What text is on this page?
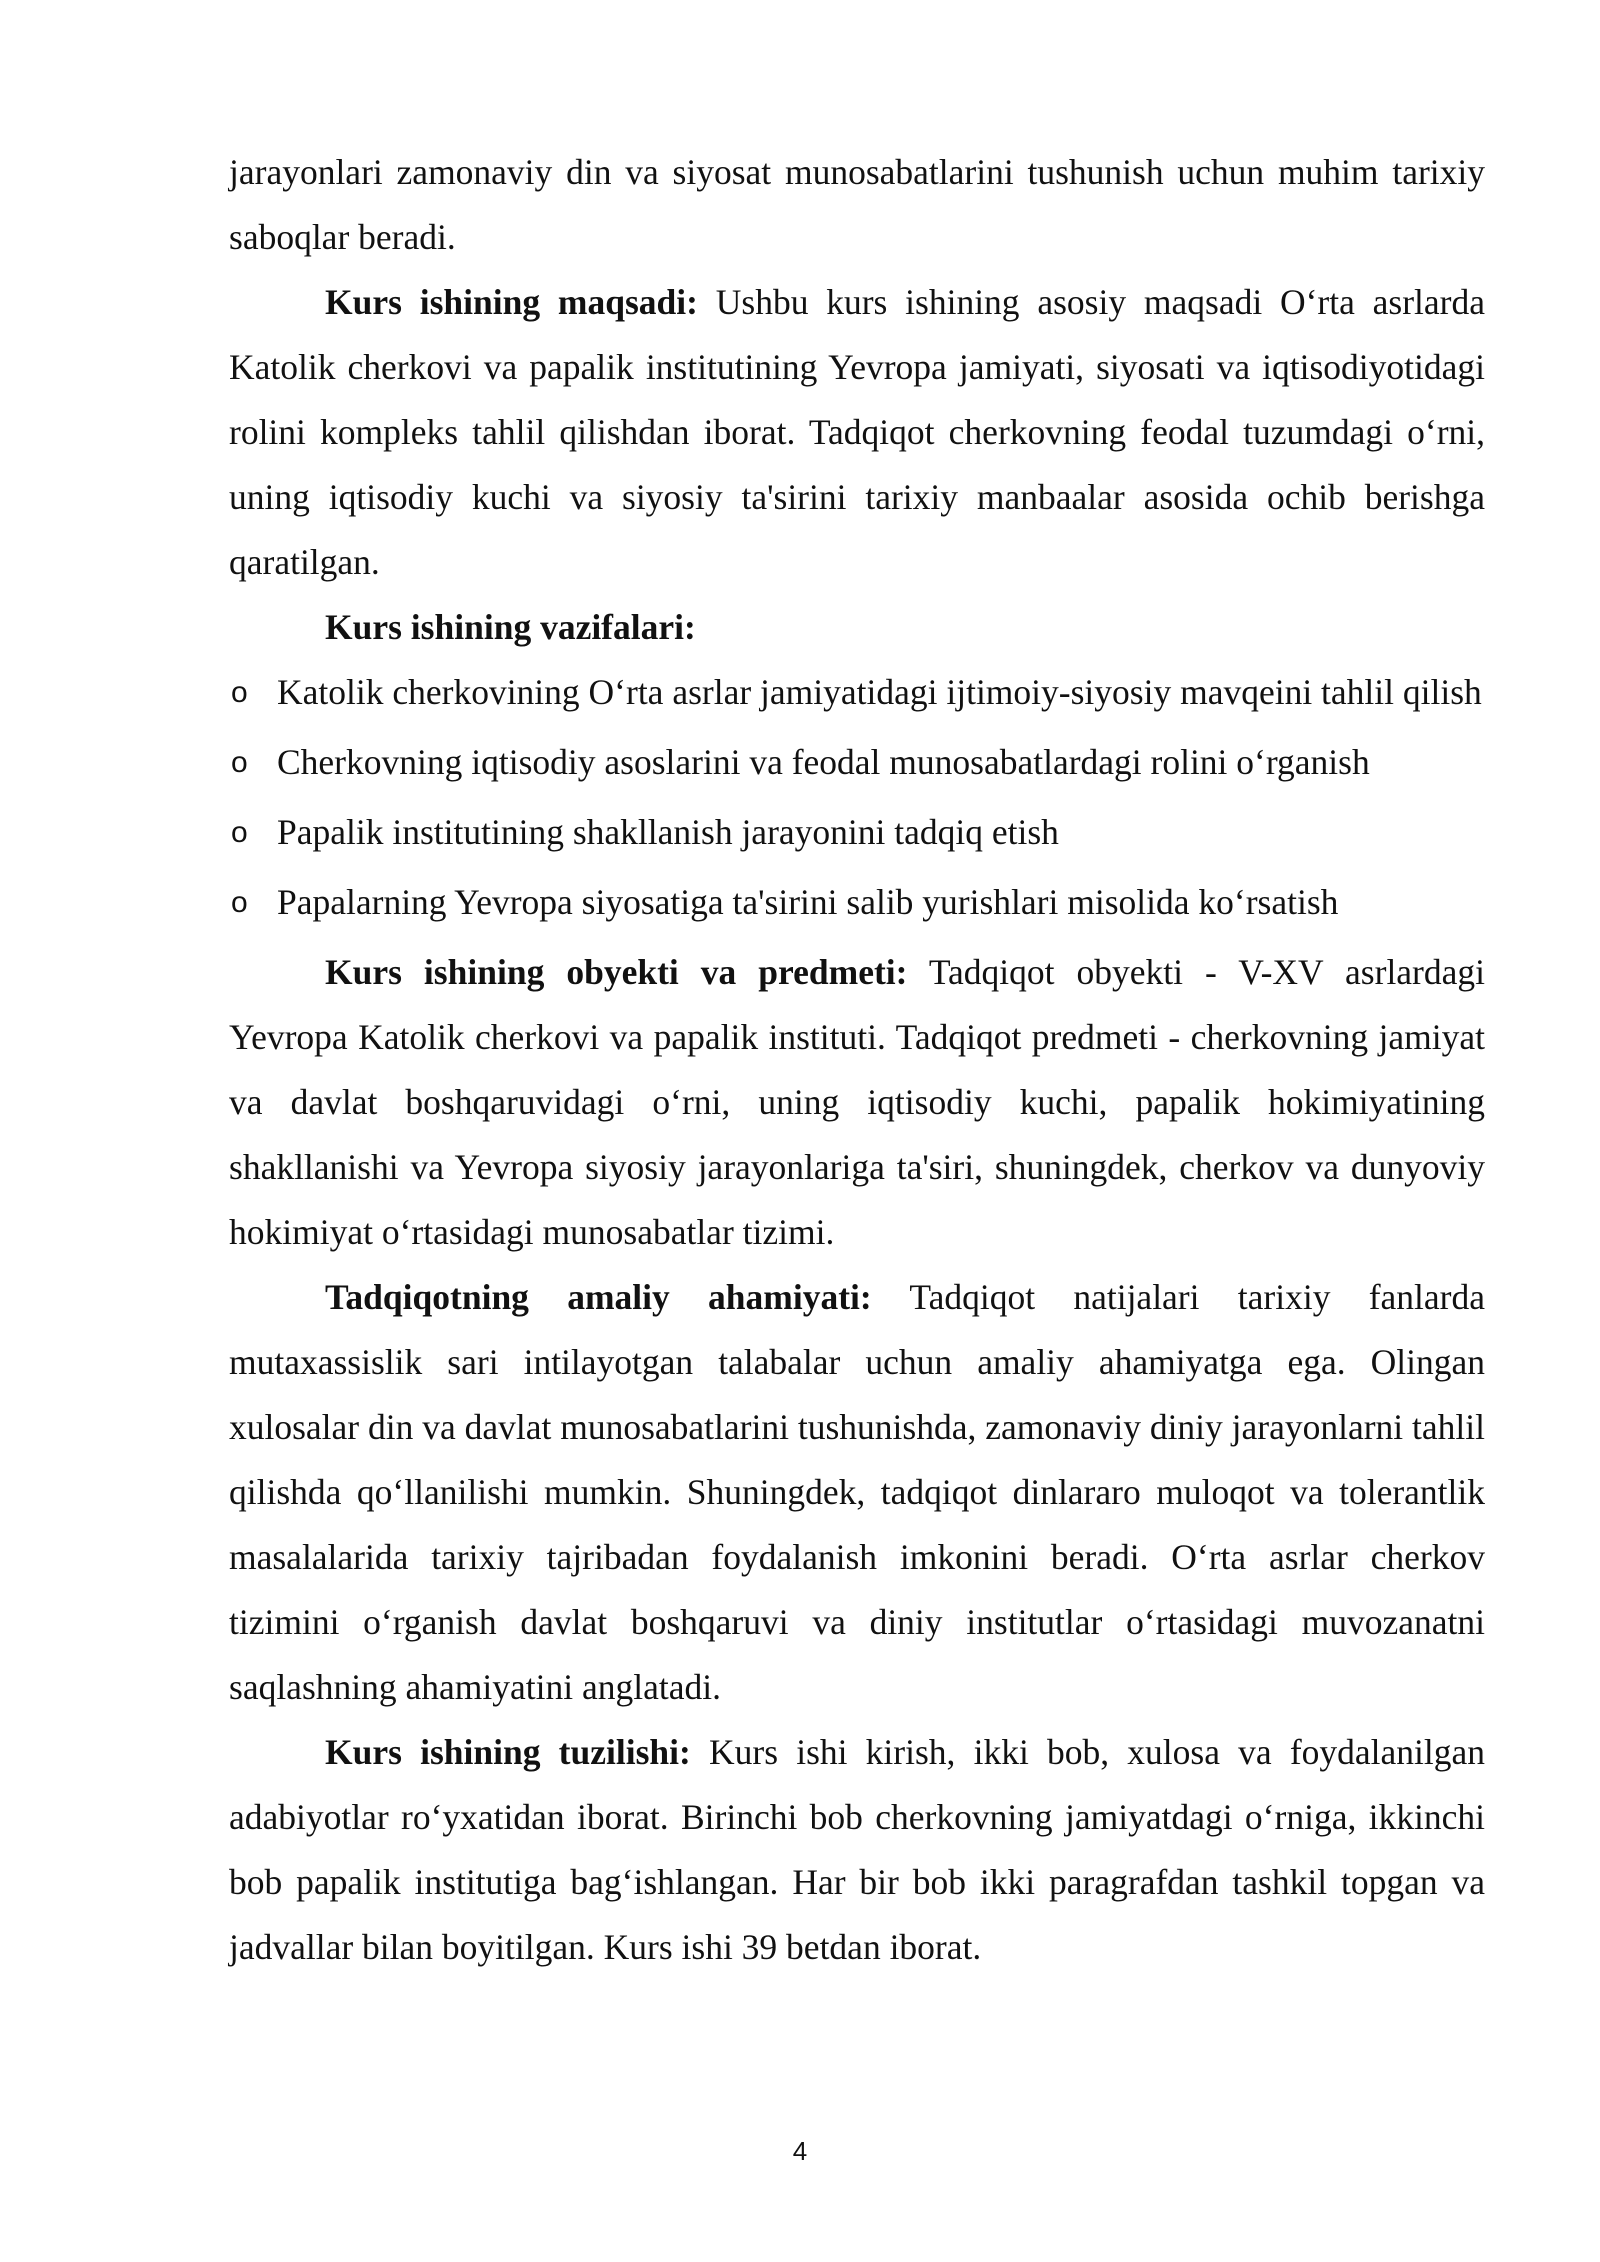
jarayonlari zamonaviy din va siyosat munosabatlarini tushunish uchun muhim tarixiy saboqlar beradi.

Kurs ishining maqsadi: Ushbu kurs ishining asosiy maqsadi O‘rta asrlarda Katolik cherkovi va papalik institutining Yevropa jamiyati, siyosati va iqtisodiyotidagi rolini kompleks tahlil qilishdan iborat. Tadqiqot cherkovning feodal tuzumdagi o‘rni, uning iqtisodiy kuchi va siyosiy ta'sirini tarixiy manbaalar asosida ochib berishga qaratilgan.

Kurs ishining vazifalari:

o Katolik cherkovining O‘rta asrlar jamiyatidagi ijtimoiy-siyosiy mavqeini tahlil qilish
o Cherkovning iqtisodiy asoslarini va feodal munosabatlardagi rolini o‘rganish
o Papalik institutining shakllanish jarayonini tadqiq etish
o Papalarning Yevropa siyosatiga ta'sirini salib yurishlari misolida ko‘rsatish

Kurs ishining obyekti va predmeti: Tadqiqot obyekti - V-XV asrlardagi Yevropa Katolik cherkovi va papalik instituti. Tadqiqot predmeti - cherkovning jamiyat va davlat boshqaruvidagi o‘rni, uning iqtisodiy kuchi, papalik hokimiyatining shakllanishi va Yevropa siyosiy jarayonlariga ta'siri, shuningdek, cherkov va dunyoviy hokimiyat o‘rtasidagi munosabatlar tizimi.

Tadqiqotning amaliy ahamiyati: Tadqiqot natijalari tarixiy fanlarda mutaxassislik sari intilayotgan talabalar uchun amaliy ahamiyatga ega. Olingan xulosalar din va davlat munosabatlarini tushunishda, zamonaviy diniy jarayonlarni tahlil qilishda qo‘llanilishi mumkin. Shuningdek, tadqiqot dinlararo muloqot va tolerantlik masalalarida tarixiy tajribadan foydalanish imkonini beradi. O‘rta asrlar cherkov tizimini o‘rganish davlat boshqaruvi va diniy institutlar o‘rtasidagi muvozanatni saqlashning ahamiyatini anglatadi.

Kurs ishining tuzilishi: Kurs ishi kirish, ikki bob, xulosa va foydalanilgan adabiyotlar ro‘yxatidan iborat. Birinchi bob cherkovning jamiyatdagi o‘rniga, ikkinchi bob papalik institutiga bag‘ishlangan. Har bir bob ikki paragrafdan tashkil topgan va jadvallar bilan boyitilgan. Kurs ishi 39 betdan iborat.

4
